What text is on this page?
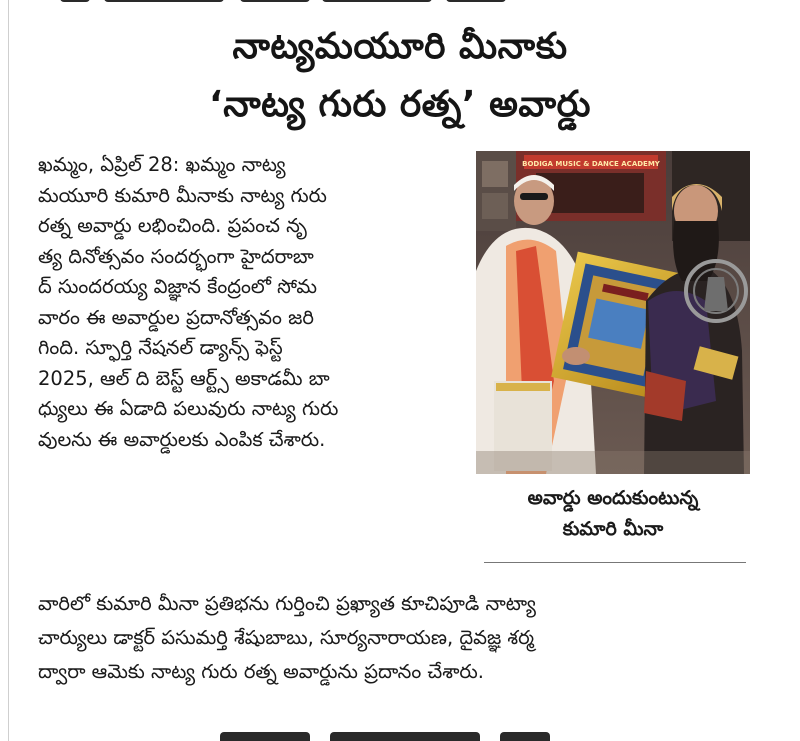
నాట్యమయూరి మీనాకు
‘నాట్య గురు రత్న’ అవార్డు

ఖమ్మం, ఏప్రిల్ 28: ఖమ్మం నాట్య
మయూరి కుమారి మీనాకు నాట్య గురు
రత్న అవార్డు లభించింది. ప్రపంచ నృ
త్య దినోత్సవం సందర్భంగా హైదరాబా
ద్ సుందరయ్య విజ్ఞాన కేంద్రంలో సోమ
వారం ఈ అవార్డుల ప్రదానోత్సవం జరి
గింది. స్ఫూర్తి నేషనల్ డ్యాన్స్ ఫెస్ట్
2025, ఆల్ ది బెస్ట్ ఆర్ట్స్ అకాడమీ బా
ధ్యులు ఈ ఏడాది పలువురు నాట్య గురు
వులను ఈ అవార్డులకు ఎంపిక చేశారు.

BODIGA MUSIC & DANCE ACADEMY
అవార్డు అందుకుంటున్న
కుమారి మీనా

వారిలో కుమారి మీనా ప్రతిభను గుర్తించి ప్రఖ్యాత కూచిపూడి నాట్యా
చార్యులు డాక్టర్ పసుమర్తి శేషుబాబు, సూర్యనారాయణ, దైవజ్ఞ శర్మ
ద్వారా ఆమెకు నాట్య గురు రత్న అవార్డును ప్రదానం చేశారు.
